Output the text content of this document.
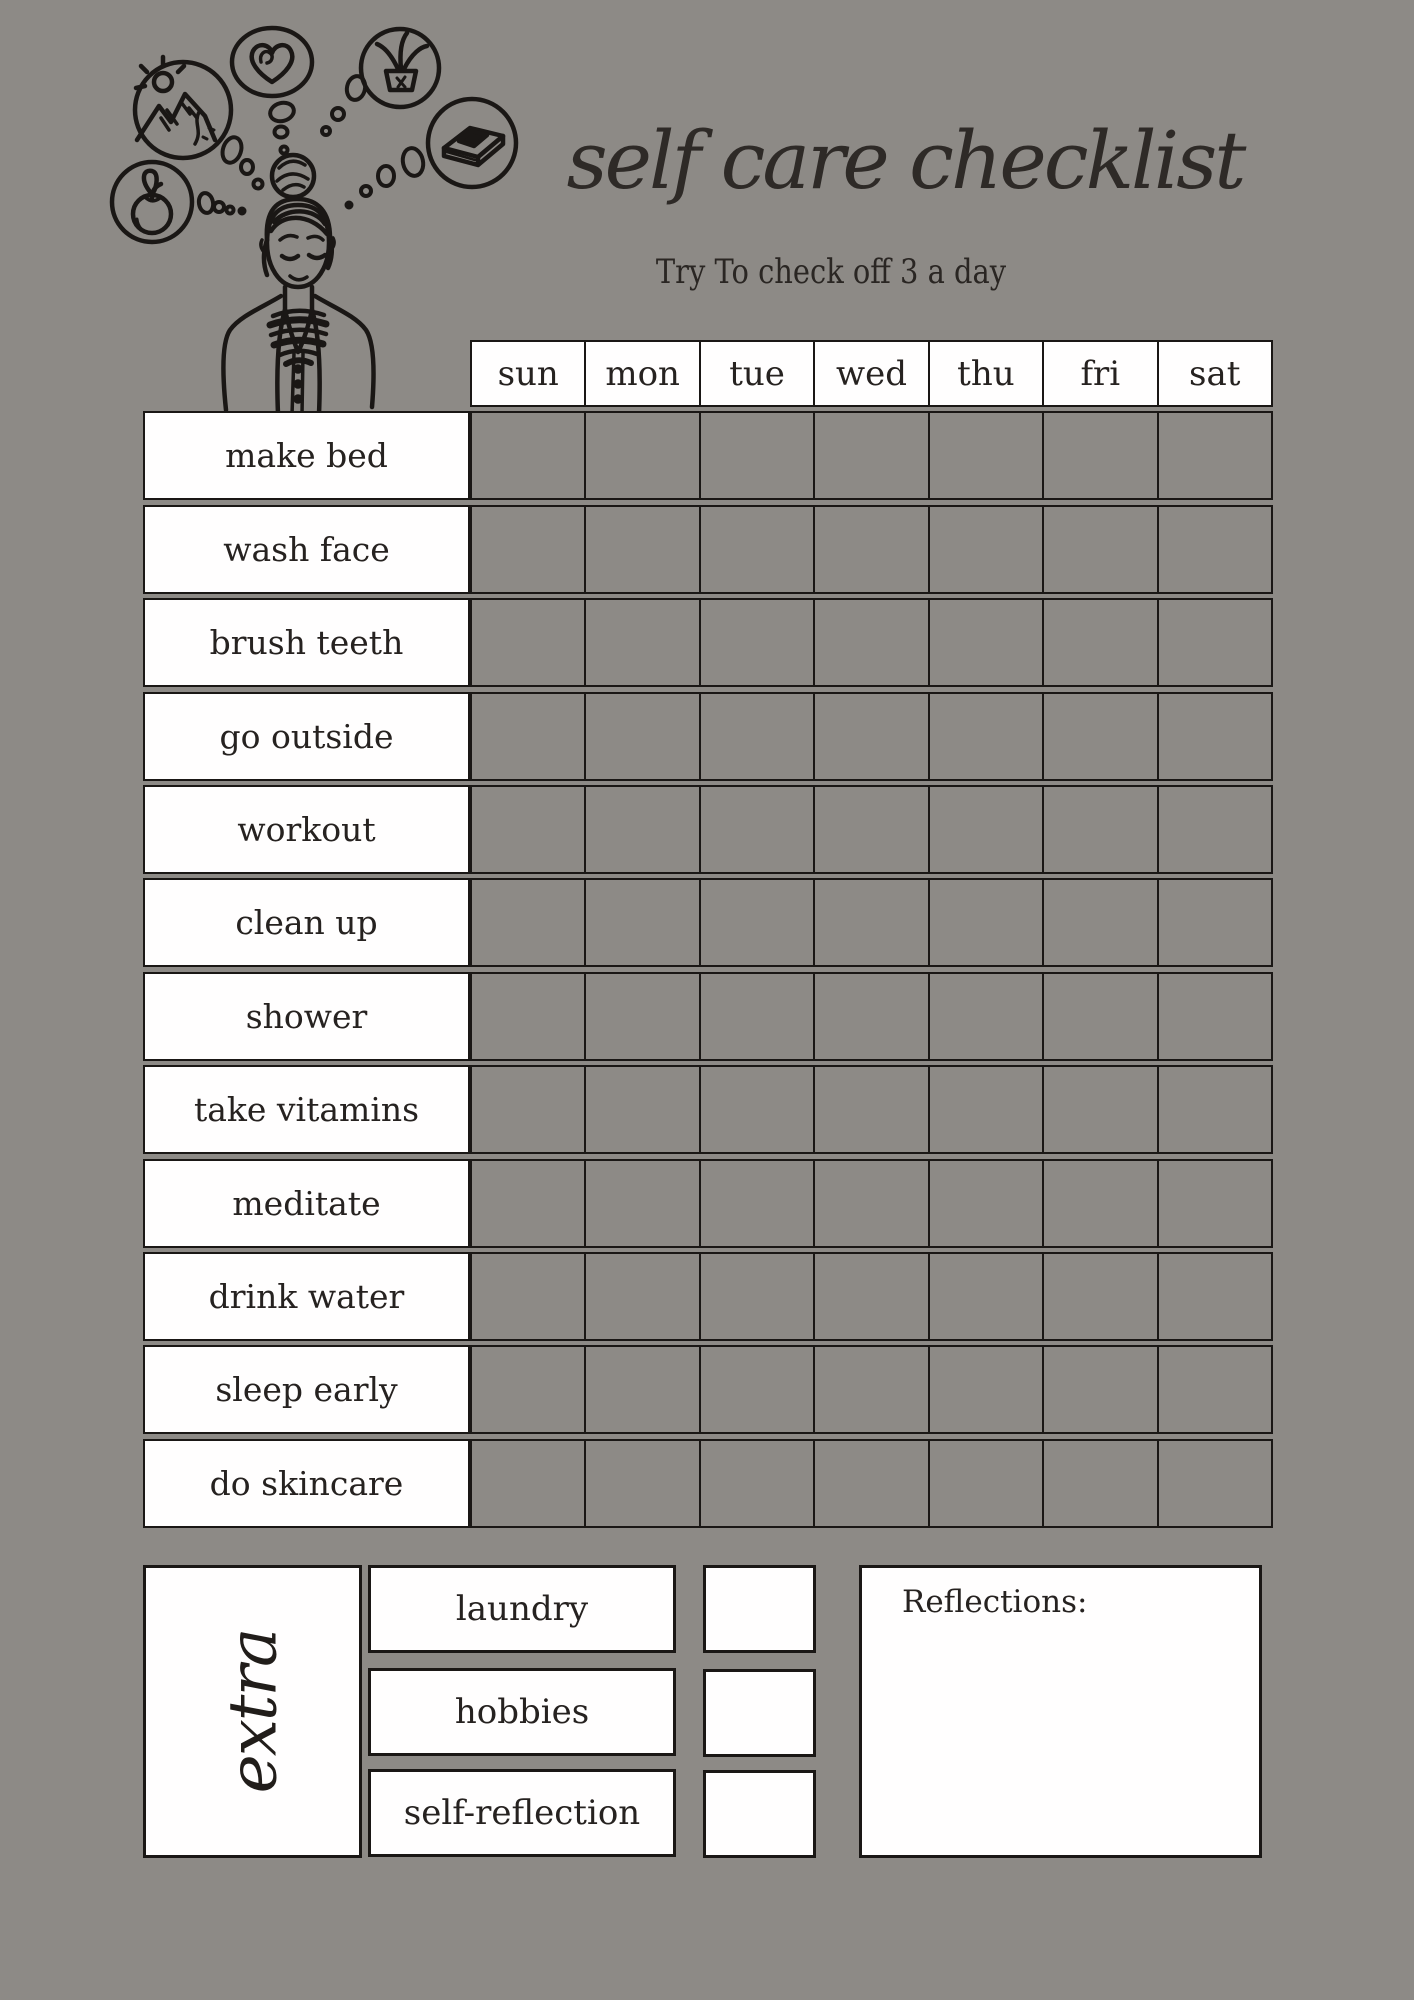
self care checklist
Try To check off 3 a day
sun	mon	tue	wed	thu	fri	sat
make bed
wash face
brush teeth
go outside
workout
clean up
shower
take vitamins
meditate
drink water
sleep early
do skincare
extra
laundry
hobbies
self-reflection
Reflections:
